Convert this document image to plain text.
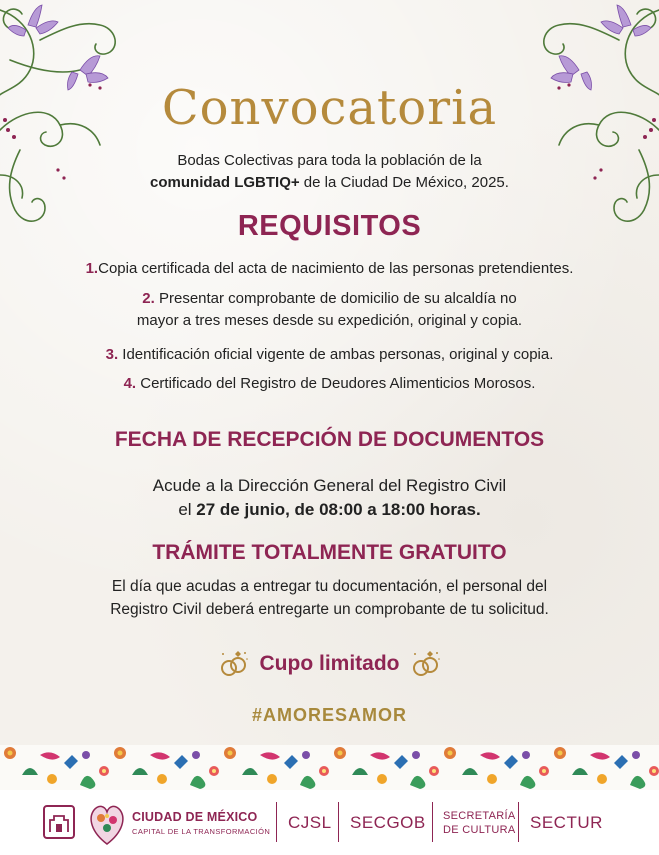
Convocatoria
Bodas Colectivas para toda la población de la
comunidad LGBTIQ+ de la Ciudad De México, 2025.
REQUISITOS
1.Copia certificada del acta de nacimiento de las personas pretendientes.
2. Presentar comprobante de domicilio de su alcaldía no
mayor a tres meses desde su expedición, original y copia.
3. Identificación oficial vigente de ambas personas, original y copia.
4. Certificado del Registro de Deudores Alimenticios Morosos.
FECHA DE RECEPCIÓN DE DOCUMENTOS
Acude a la Dirección General del Registro Civil
el 27 de junio, de 08:00 a 18:00 horas.
TRÁMITE TOTALMENTE GRATUITO
El día que acudas a entregar tu documentación, el personal del
Registro Civil deberá entregarte un comprobante de tu solicitud.
Cupo limitado
#AMORESAMOR
CIUDAD DE MÉXICO
CAPITAL DE LA TRANSFORMACIÓN CJSL SECGOB SECRETARÍA
DE CULTURA SECTUR
